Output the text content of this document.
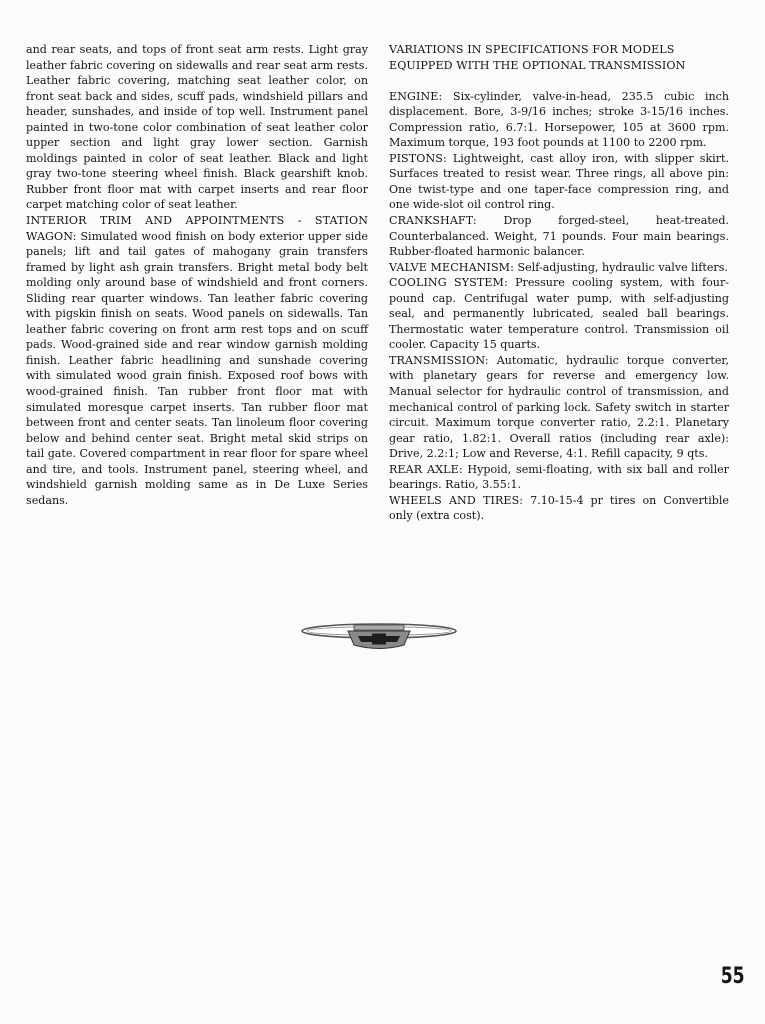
and rear seats, and tops of front seat arm rests. Light gray leather fabric covering on sidewalls and rear seat arm rests. Leather fabric covering, matching seat leather color, on front seat back and sides, scuff pads, windshield pillars and header, sunshades, and inside of top well. Instrument panel painted in two-tone color combination of seat leather color upper section and light gray lower section. Garnish moldings painted in color of seat leather. Black and light gray two-tone steering wheel finish. Black gearshift knob. Rubber front floor mat with carpet inserts and rear floor carpet matching color of seat leather.

INTERIOR TRIM AND APPOINTMENTS - STATION WAGON: Simulated wood finish on body exterior upper side panels; lift and tail gates of mahogany grain transfers framed by light ash grain transfers. Bright metal body belt molding only around base of windshield and front corners. Sliding rear quarter windows. Tan leather fabric covering with pigskin finish on seats. Wood panels on sidewalls. Tan leather fabric covering on front arm rest tops and on scuff pads. Wood-grained side and rear window garnish molding finish. Leather fabric headlining and sunshade covering with simulated wood grain finish. Exposed roof bows with wood-grained finish. Tan rubber front floor mat with simulated moresque carpet inserts. Tan rubber floor mat between front and center seats. Tan linoleum floor covering below and behind center seat. Bright metal skid strips on tail gate. Covered compartment in rear floor for spare wheel and tire, and tools. Instrument panel, steering wheel, and windshield garnish molding same as in De Luxe Series sedans.

VARIATIONS IN SPECIFICATIONS FOR MODELS EQUIPPED WITH THE OPTIONAL TRANSMISSION

ENGINE: Six-cylinder, valve-in-head, 235.5 cubic inch displacement. Bore, 3-9/16 inches; stroke 3-15/16 inches. Compression ratio, 6.7:1. Horsepower, 105 at 3600 rpm. Maximum torque, 193 foot pounds at 1100 to 2200 rpm.

PISTONS: Lightweight, cast alloy iron, with slipper skirt. Surfaces treated to resist wear. Three rings, all above pin: One twist-type and one taper-face compression ring, and one wide-slot oil control ring.

CRANKSHAFT: Drop forged-steel, heat-treated. Counterbalanced. Weight, 71 pounds. Four main bearings. Rubber-floated harmonic balancer.

VALVE MECHANISM: Self-adjusting, hydraulic valve lifters.

COOLING SYSTEM: Pressure cooling system, with four-pound cap. Centrifugal water pump, with self-adjusting seal, and permanently lubricated, sealed ball bearings. Thermostatic water temperature control. Transmission oil cooler. Capacity 15 quarts.

TRANSMISSION: Automatic, hydraulic torque converter, with planetary gears for reverse and emergency low. Manual selector for hydraulic control of transmission, and mechanical control of parking lock. Safety switch in starter circuit. Maximum torque converter ratio, 2.2:1. Planetary gear ratio, 1.82:1. Overall ratios (including rear axle): Drive, 2.2:1; Low and Reverse, 4:1. Refill capacity, 9 qts.

REAR AXLE: Hypoid, semi-floating, with six ball and roller bearings. Ratio, 3.55:1.

WHEELS AND TIRES: 7.10-15-4 pr tires on Convertible only (extra cost).

55
